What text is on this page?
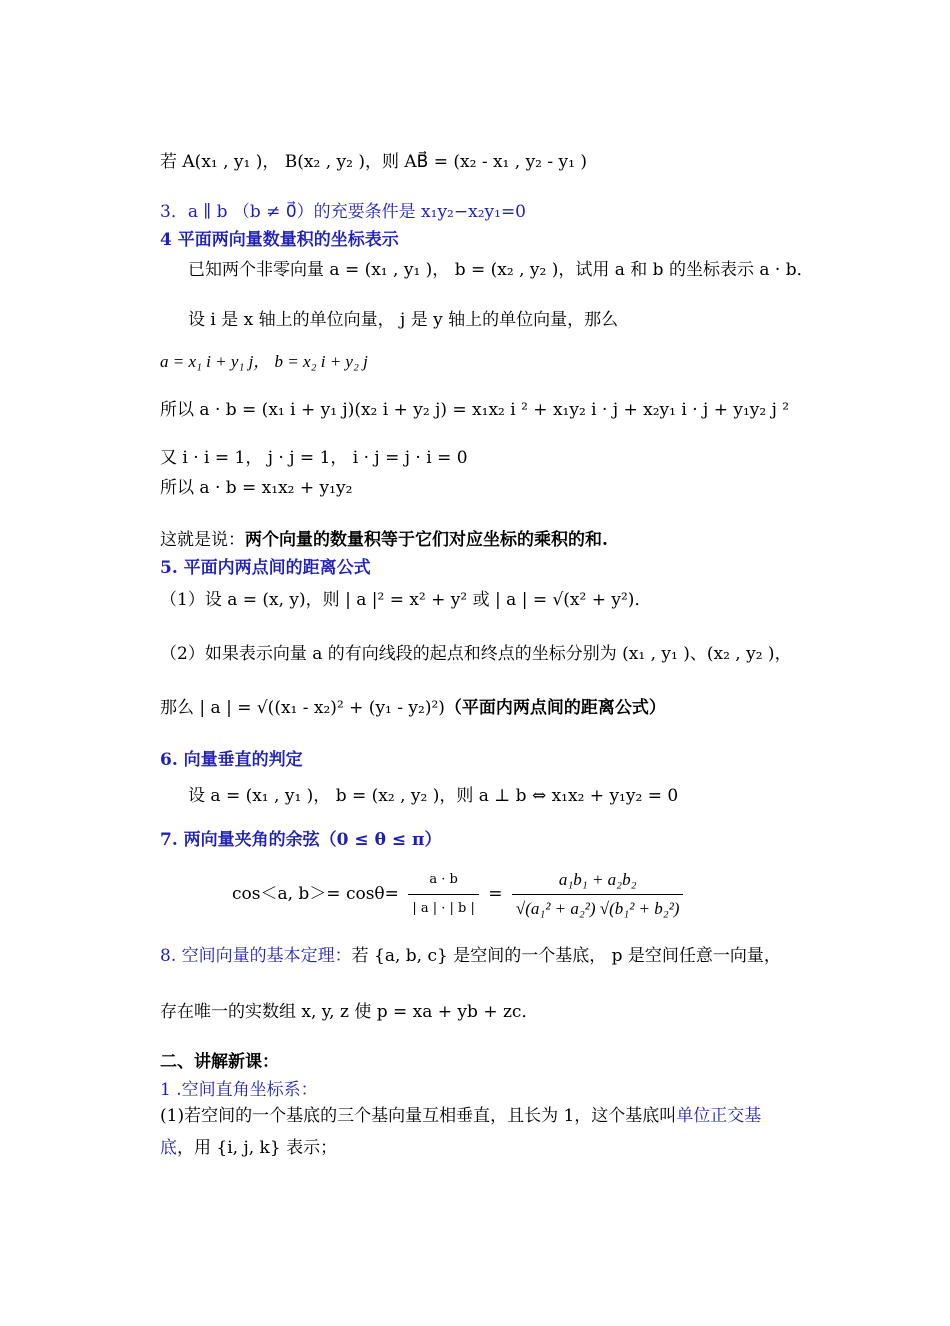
若 A(x₁ , y₁ )， B(x₂ , y₂ )，则 AB⃗ = (x₂ - x₁ , y₂ - y₁ )
3．a ∥ b （b ≠ 0⃗）的充要条件是 x₁y₂−x₂y₁=0
4 平面两向量数量积的坐标表示
已知两个非零向量 a = (x₁ , y₁ )， b = (x₂ , y₂ )，试用 a 和 b 的坐标表示 a · b．
设 i 是 x 轴上的单位向量， j 是 y 轴上的单位向量，那么
a = x₁ i + y₁ j， b = x₂ i + y₂ j
所以 a · b = (x₁ i + y₁ j)(x₂ i + y₂ j) = x₁x₂ i ² + x₁y₂ i · j + x₂y₁ i · j + y₁y₂ j ²
又 i · i = 1， j · j = 1， i · j = j · i = 0
所以 a · b = x₁x₂ + y₁y₂
这就是说：两个向量的数量积等于它们对应坐标的乘积的和.
5. 平面内两点间的距离公式
（1）设 a = (x, y)，则 | a |² = x² + y² 或 | a | = √(x² + y²)．
（2）如果表示向量 a 的有向线段的起点和终点的坐标分别为 (x₁ , y₁ )、(x₂ , y₂ )，
那么 | a | = √((x₁ - x₂)² + (y₁ - y₂)²)（平面内两点间的距离公式）
6. 向量垂直的判定
设 a = (x₁ , y₁ )， b = (x₂ , y₂ )，则 a ⊥ b ⇔ x₁x₂ + y₁y₂ = 0
7. 两向量夹角的余弦（0 ≤ θ ≤ π）
cos＜a, $b>= \cos\theta= \frac{a \cdot b}{| a | \cdot | b |} = \frac{\text{a₁b₁ + a₂b₂}}{\text{√(a₁² + a₂²) √(b₁² + b₂²)}}$
8. 空间向量的基本定理：若 {a, b, c} 是空间的一个基底， p 是空间任意一向量，
存在唯一的实数组 x, y, z 使 p = xa + yb + zc．
二、讲解新课：
1 .空间直角坐标系：
(1)若空间的一个基底的三个基向量互相垂直，且长为 1，这个基底叫单位正交基
底，用 {i, j, k} 表示；
